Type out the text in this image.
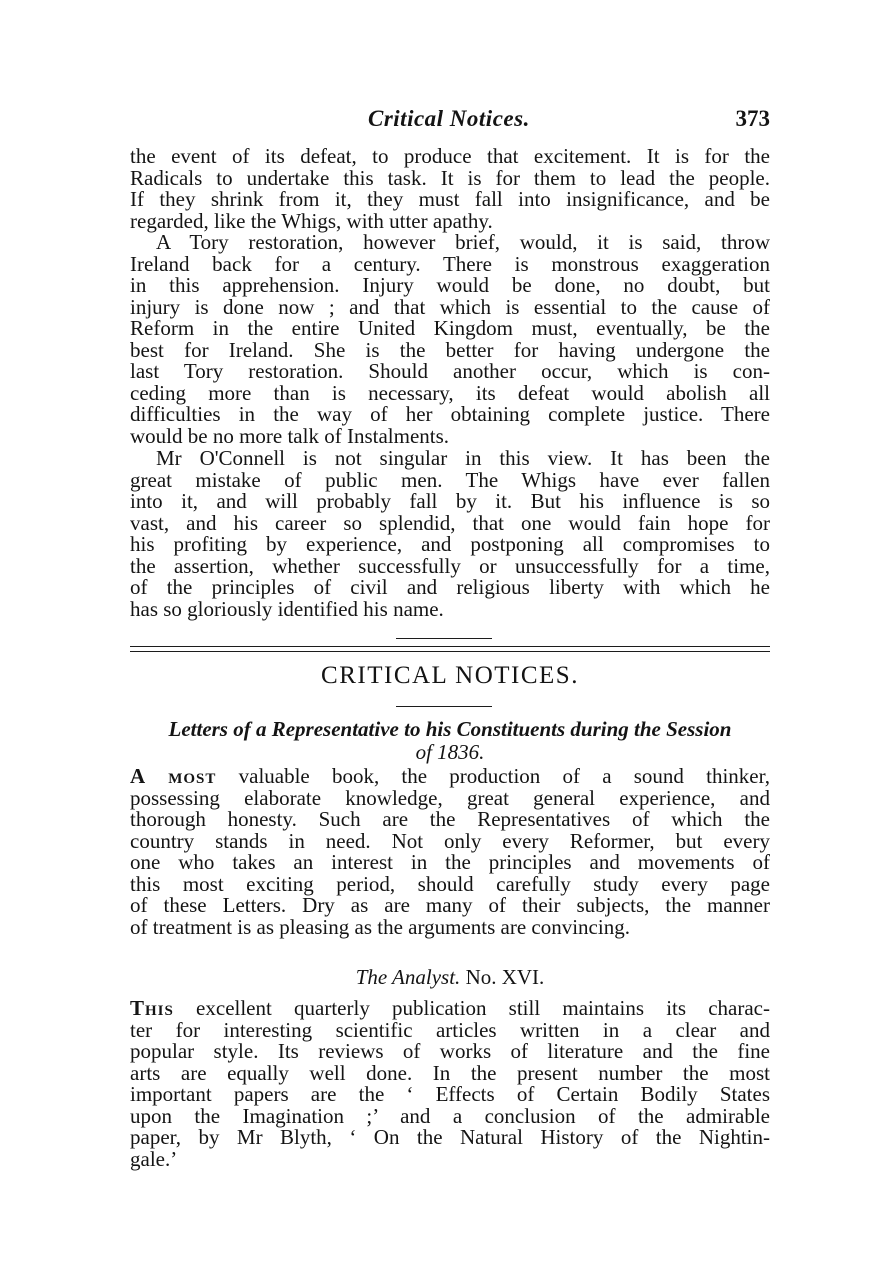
Critical Notices.	373
the event of its defeat, to produce that excitement. It is for the
Radicals to undertake this task. It is for them to lead the people.
If they shrink from it, they must fall into insignificance, and be
regarded, like the Whigs, with utter apathy.
A Tory restoration, however brief, would, it is said, throw
Ireland back for a century. There is monstrous exaggeration
in this apprehension. Injury would be done, no doubt, but
injury is done now ; and that which is essential to the cause of
Reform in the entire United Kingdom must, eventually, be the
best for Ireland. She is the better for having undergone the
last Tory restoration. Should another occur, which is con-
ceding more than is necessary, its defeat would abolish all
difficulties in the way of her obtaining complete justice. There
would be no more talk of Instalments.
Mr O'Connell is not singular in this view. It has been the
great mistake of public men. The Whigs have ever fallen
into it, and will probably fall by it. But his influence is so
vast, and his career so splendid, that one would fain hope for
his profiting by experience, and postponing all compromises to
the assertion, whether successfully or unsuccessfully for a time,
of the principles of civil and religious liberty with which he
has so gloriously identified his name.
CRITICAL NOTICES.
Letters of a Representative to his Constituents during the Session
of 1836.
A most valuable book, the production of a sound thinker,
possessing elaborate knowledge, great general experience, and
thorough honesty. Such are the Representatives of which the
country stands in need. Not only every Reformer, but every
one who takes an interest in the principles and movements of
this most exciting period, should carefully study every page
of these Letters. Dry as are many of their subjects, the manner
of treatment is as pleasing as the arguments are convincing.
The Analyst. No. XVI.
This excellent quarterly publication still maintains its charac-
ter for interesting scientific articles written in a clear and
popular style. Its reviews of works of literature and the fine
arts are equally well done. In the present number the most
important papers are the ‘ Effects of Certain Bodily States
upon the Imagination ;’ and a conclusion of the admirable
paper, by Mr Blyth, ‘ On the Natural History of the Nightin-
gale.’
